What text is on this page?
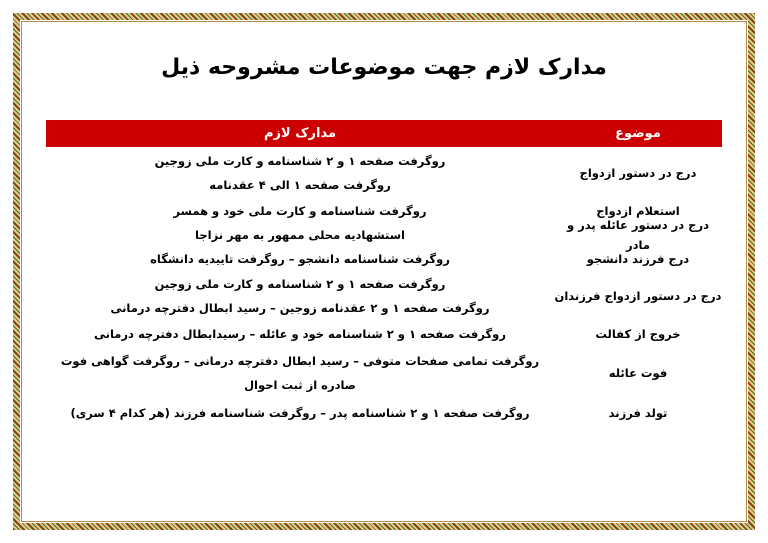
مدارک لازم جهت موضوعات مشروحه ذیل
موضوع
مدارک لازم
درج در دستور ازدواج
روگرفت صفحه ۱ و ۲ شناسنامه و کارت ملی زوجین
روگرفت صفحه ۱ الی ۴ عقدنامه
استعلام ازدواج
روگرفت شناسنامه و کارت ملی خود و همسر
درج در دستور عائله پدر و مادر
استشهادیه محلی ممهور به مهر نزاجا
درج فرزند دانشجو
روگرفت شناسنامه دانشجو – روگرفت تاییدیه دانشگاه
درج در دستور ازدواج فرزندان
روگرفت صفحه ۱ و ۲ شناسنامه و کارت ملی زوجین
روگرفت صفحه ۱ و ۲ عقدنامه زوجین – رسید ابطال دفترچه درمانی
خروج از کفالت
روگرفت صفحه ۱ و ۲ شناسنامه خود و عائله – رسیدابطال دفترچه درمانی
فوت عائله
روگرفت تمامی صفحات متوفی – رسید ابطال دفترچه درمانی – روگرفت گواهی فوت صادره از ثبت احوال
تولد فرزند
روگرفت صفحه ۱ و ۲ شناسنامه پدر – روگرفت شناسنامه فرزند (هر کدام ۴ سری)
